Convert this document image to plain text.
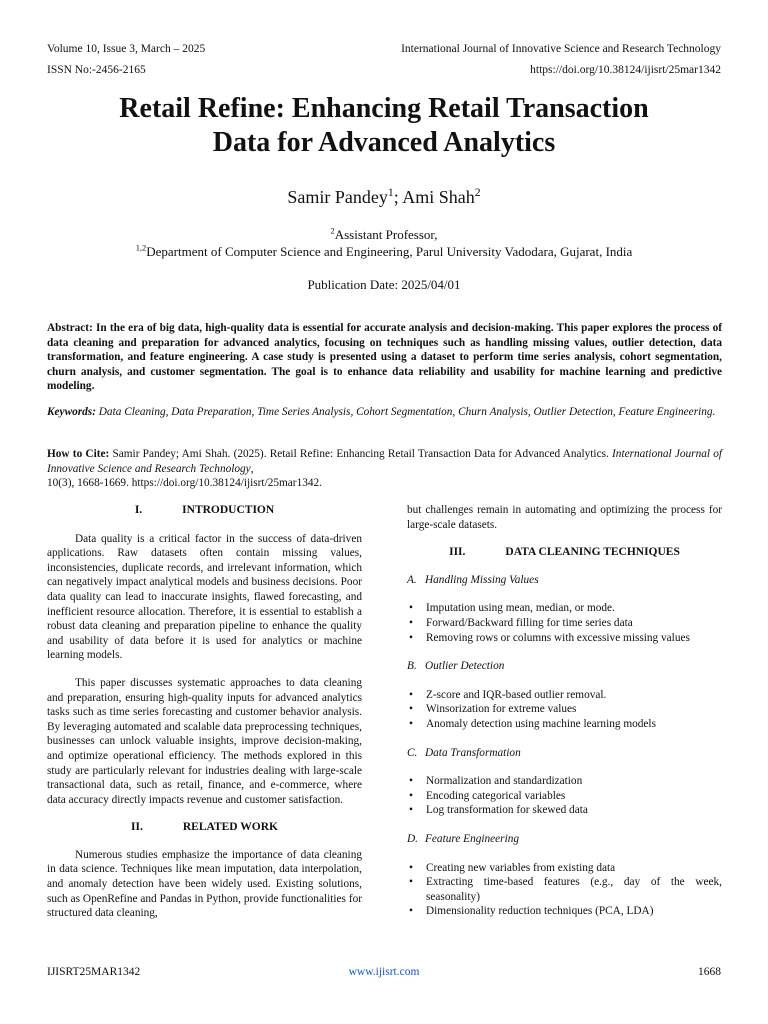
Volume 10, Issue 3, March – 2025	International Journal of Innovative Science and Research Technology
ISSN No:-2456-2165	https://doi.org/10.38124/ijisrt/25mar1342
Retail Refine: Enhancing Retail Transaction
Data for Advanced Analytics
Samir Pandey$^1$; Ami Shah$^2$
$^2$Assistant Professor,
$^{1,2}$Department of Computer Science and Engineering, Parul University Vadodara, Gujarat, India
Publication Date: 2025/04/01
Abstract: In the era of big data, high-quality data is essential for accurate analysis and decision-making. This paper explores the process of data cleaning and preparation for advanced analytics, focusing on techniques such as handling missing values, outlier detection, data transformation, and feature engineering. A case study is presented using a dataset to perform time series analysis, cohort segmentation, churn analysis, and customer segmentation. The goal is to enhance data reliability and usability for machine learning and predictive modeling.
Keywords: Data Cleaning, Data Preparation, Time Series Analysis, Cohort Segmentation, Churn Analysis, Outlier Detection, Feature Engineering.
How to Cite: Samir Pandey; Ami Shah. (2025). Retail Refine: Enhancing Retail Transaction Data for Advanced Analytics. International Journal of Innovative Science and Research Technology,
10(3), 1668-1669. https://doi.org/10.38124/ijisrt/25mar1342.
I.	INTRODUCTION

Data quality is a critical factor in the success of data-driven applications. Raw datasets often contain missing values, inconsistencies, duplicate records, and irrelevant information, which can negatively impact analytical models and business decisions. Poor data quality can lead to inaccurate insights, flawed forecasting, and inefficient resource allocation. Therefore, it is essential to establish a robust data cleaning and preparation pipeline to enhance the quality and usability of data before it is used for analytics or machine learning models.

This paper discusses systematic approaches to data cleaning and preparation, ensuring high-quality inputs for advanced analytics tasks such as time series forecasting and customer behavior analysis. By leveraging automated and scalable data preprocessing techniques, businesses can unlock valuable insights, improve decision-making, and optimize operational efficiency. The methods explored in this study are particularly relevant for industries dealing with large-scale transactional data, such as retail, finance, and e-commerce, where data accuracy directly impacts revenue and customer satisfaction.

II.	RELATED WORK

Numerous studies emphasize the importance of data cleaning in data science. Techniques like mean imputation, data interpolation, and anomaly detection have been widely used. Existing solutions, such as OpenRefine and Pandas in Python, provide functionalities for structured data cleaning,

but challenges remain in automating and optimizing the process for large-scale datasets.

III.	DATA CLEANING TECHNIQUES
A. Handling Missing Values
• Imputation using mean, median, or mode.
• Forward/Backward filling for time series data
• Removing rows or columns with excessive missing values
B. Outlier Detection
• Z-score and IQR-based outlier removal.
• Winsorization for extreme values
• Anomaly detection using machine learning models
C. Data Transformation
• Normalization and standardization
• Encoding categorical variables
• Log transformation for skewed data
D. Feature Engineering
• Creating new variables from existing data
• Extracting time-based features (e.g., day of the week, seasonality)
• Dimensionality reduction techniques (PCA, LDA)
IJISRT25MAR1342	www.ijisrt.com	1668
